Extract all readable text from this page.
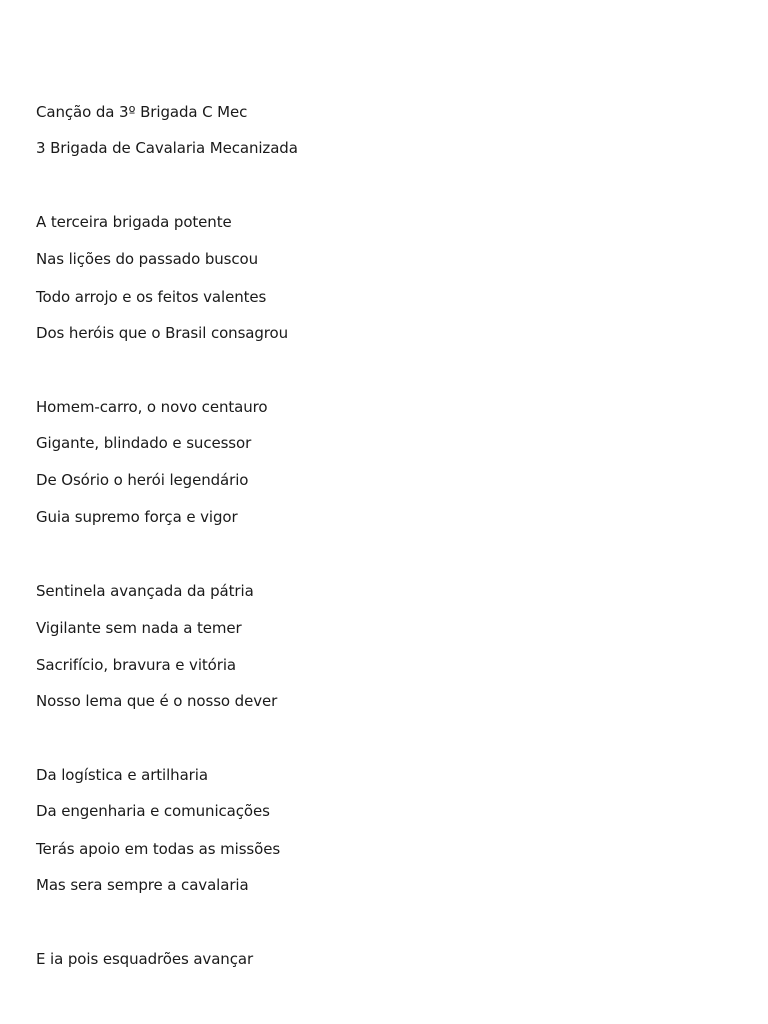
Canção da 3º Brigada C Mec
3 Brigada de Cavalaria Mecanizada
A terceira brigada potente
Nas lições do passado buscou
Todo arrojo e os feitos valentes
Dos heróis que o Brasil consagrou
Homem-carro, o novo centauro
Gigante, blindado e sucessor
De Osório o herói legendário
Guia supremo força e vigor
Sentinela avançada da pátria
Vigilante sem nada a temer
Sacrifício, bravura e vitória
Nosso lema que é o nosso dever
Da logística e artilharia
Da engenharia e comunicações
Terás apoio em todas as missões
Mas sera sempre a cavalaria
E ia pois esquadrões avançar
